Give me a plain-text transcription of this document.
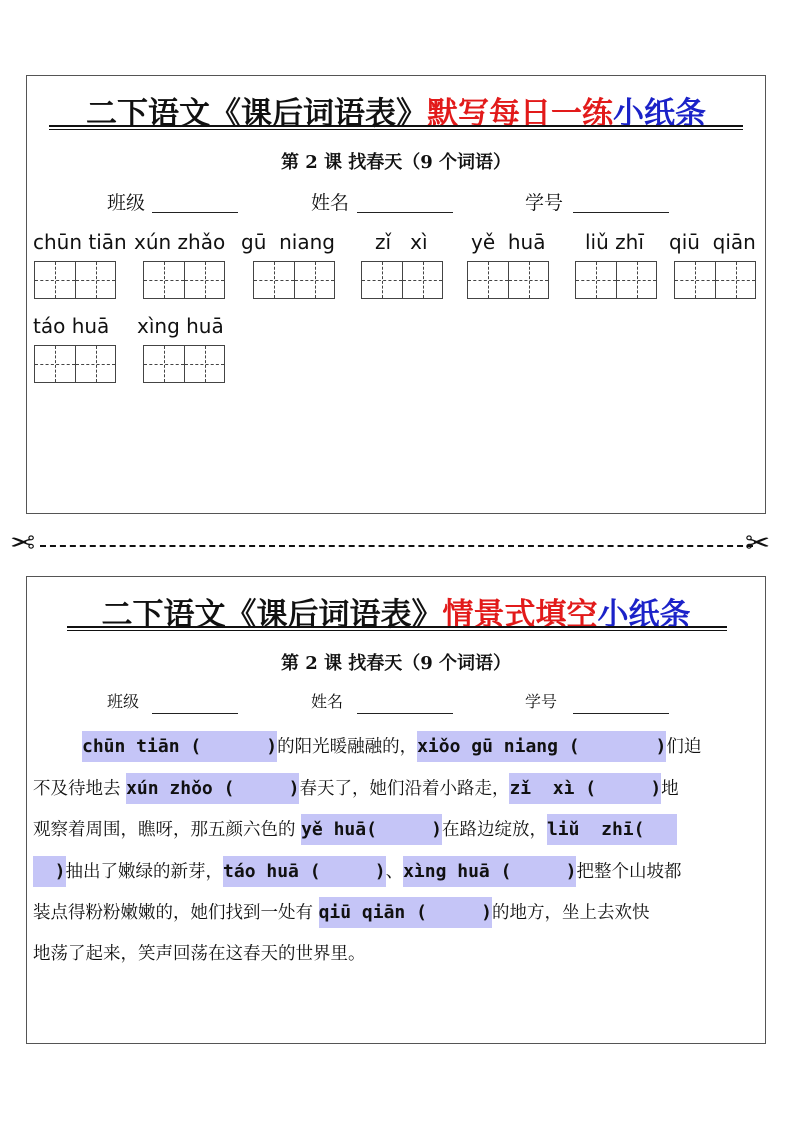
二下语文《课后词语表》默写每日一练小纸条
第 2 课 找春天（9 个词语）
班级	姓名	学号
chūn tiān xún zhǎo gū  niang zǐ   xì yě  huā liǔ zhī qiū  qiān
táo huā xìng huā
✂	✂
二下语文《课后词语表》情景式填空小纸条
第 2 课 找春天（9 个词语）
班级	姓名	学号
chūn tiān (      )的阳光暖融融的，xiǒo gū niang (       )们迫
不及待地去 xún zhǒo (     )春天了，她们沿着小路走，zǐ  xì (     )地
观察着周围，瞧呀，那五颜六色的 yě huā(     )在路边绽放，liǔ  zhī(
)抽出了嫩绿的新芽，táo huā (     )、xìng huā (     )把整个山坡都
装点得粉粉嫩嫩的，她们找到一处有 qiū qiān (     )的地方，坐上去欢快
地荡了起来，笑声回荡在这春天的世界里。
